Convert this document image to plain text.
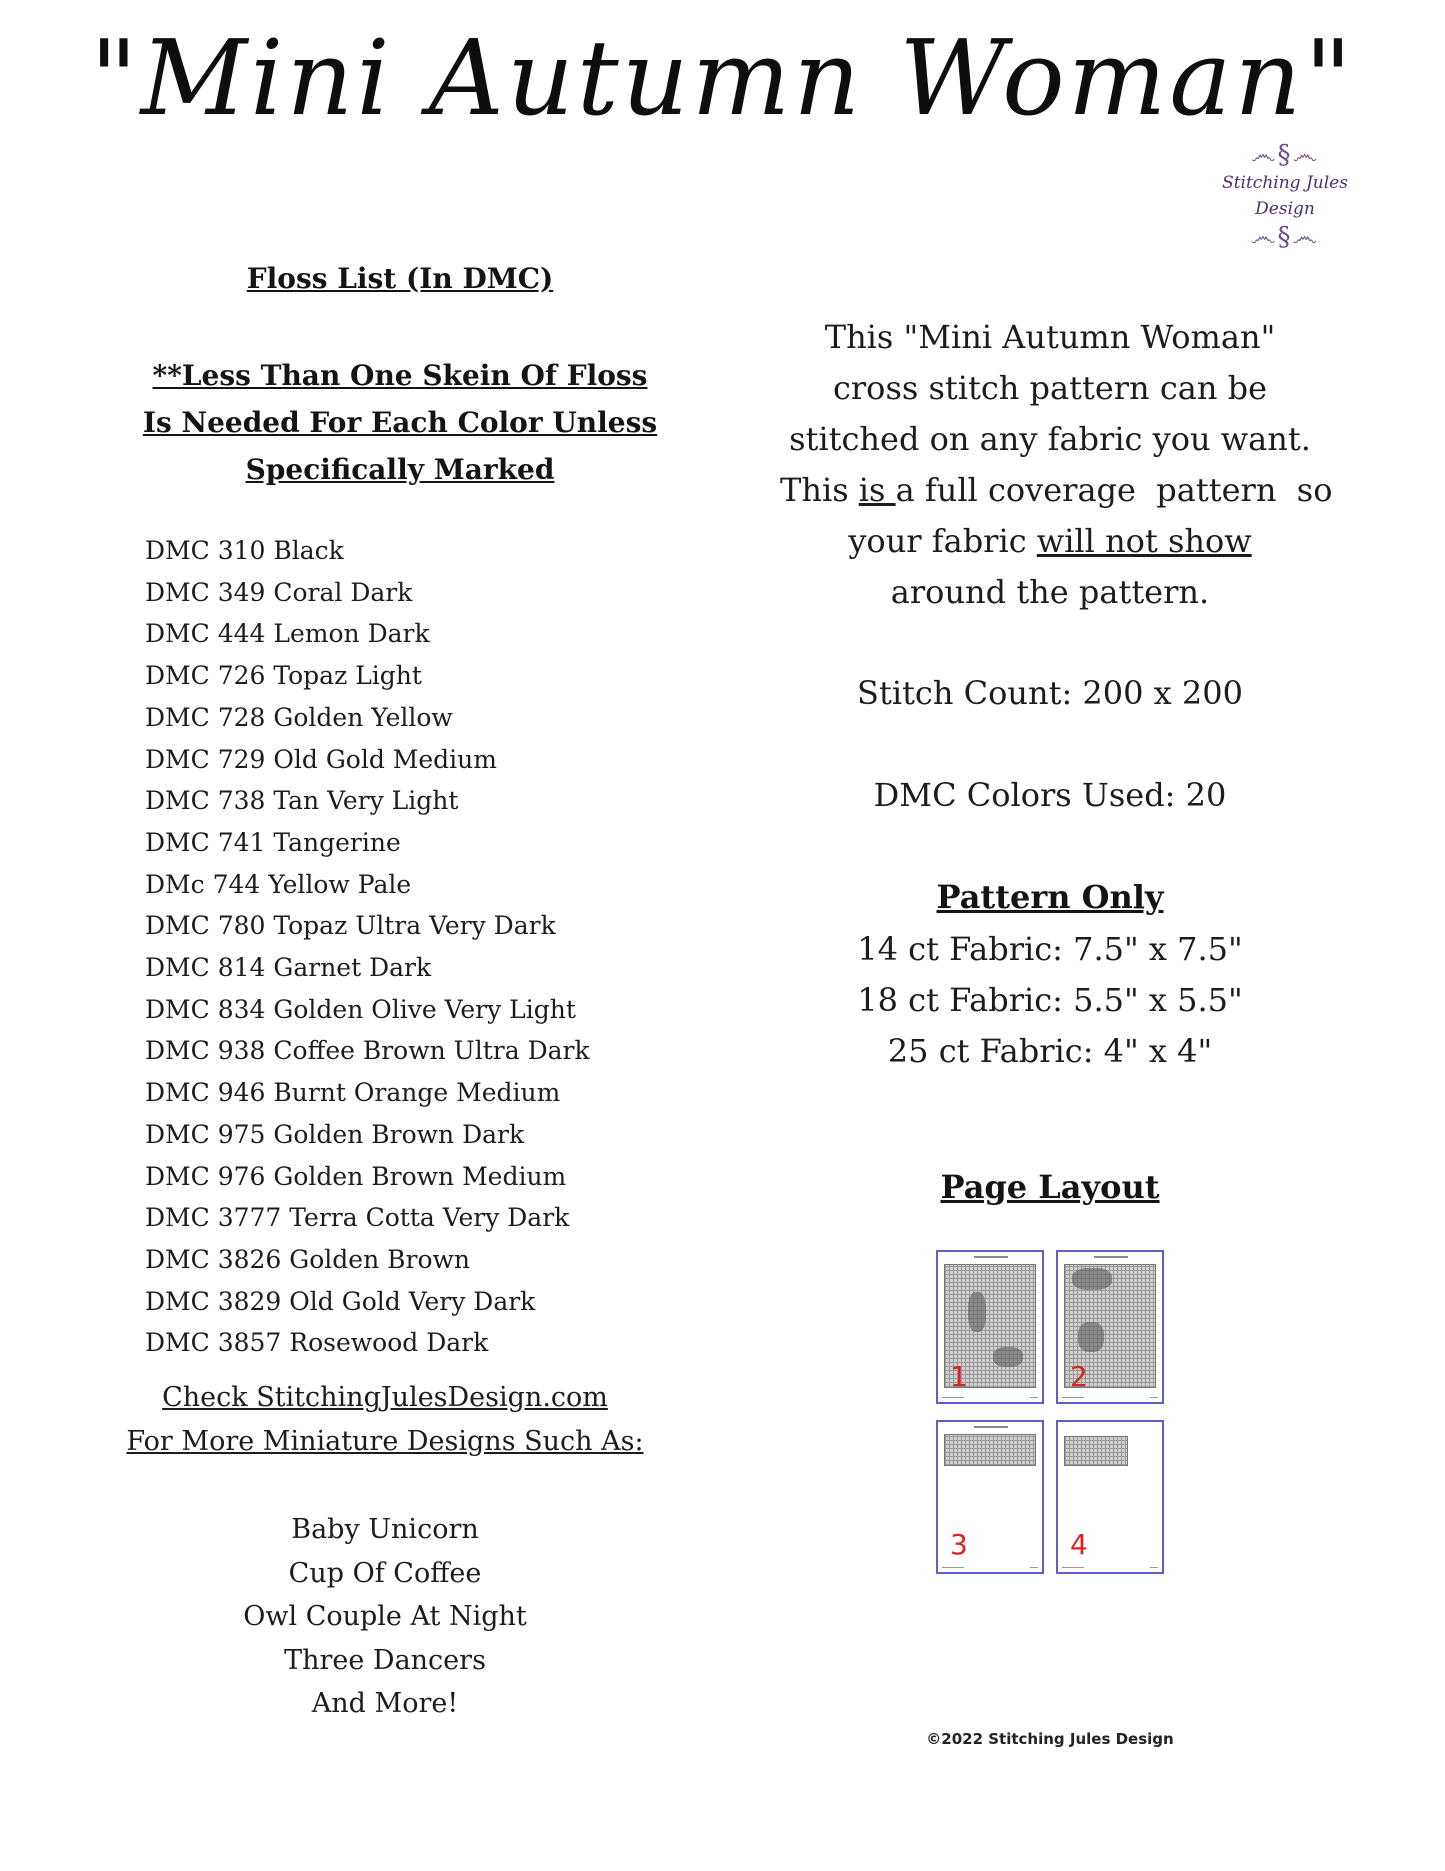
"Mini Autumn Woman"
෴§෴
Stitching Jules Design
෴§෴
Floss List (In DMC)
**Less Than One Skein Of Floss Is Needed For Each Color Unless Specifically Marked
DMC 310 Black
DMC 349 Coral Dark
DMC 444 Lemon Dark
DMC 726 Topaz Light
DMC 728 Golden Yellow
DMC 729 Old Gold Medium
DMC 738 Tan Very Light
DMC 741 Tangerine
DMc 744 Yellow Pale
DMC 780 Topaz Ultra Very Dark
DMC 814 Garnet Dark
DMC 834 Golden Olive Very Light
DMC 938 Coffee Brown Ultra Dark
DMC 946 Burnt Orange Medium
DMC 975 Golden Brown Dark
DMC 976 Golden Brown Medium
DMC 3777 Terra Cotta Very Dark
DMC 3826 Golden Brown
DMC 3829 Old Gold Very Dark
DMC 3857 Rosewood Dark
Check StitchingJulesDesign.com
For More Miniature Designs Such As:
Baby Unicorn
Cup Of Coffee
Owl Couple At Night
Three Dancers
And More!
This "Mini Autumn Woman"
cross stitch pattern can be
stitched on any fabric you want.
This is a full coverage  pattern  so
your fabric will not show
around the pattern.
Stitch Count: 200 x 200
DMC Colors Used: 20
Pattern Only
14 ct Fabric: 7.5" x 7.5"
18 ct Fabric: 5.5" x 5.5"
25 ct Fabric: 4" x 4"
Page Layout
1	2
3	4
©2022 Stitching Jules Design
